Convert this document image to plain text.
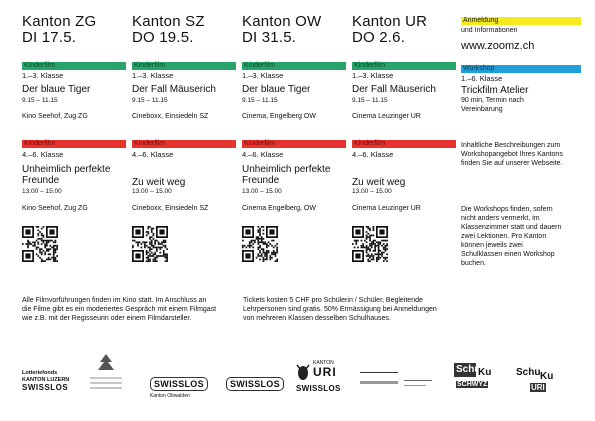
Kanton ZG
DI 17.5.
Kinderfilm
1.–3. Klasse
Der blaue Tiger
9.15 – 11.15
Kino Seehof, Zug ZG
Kinderfilm
4.–6. Klasse
Unheimlich perfekte Freunde
13.00 – 15.00
Kino Seehof, Zug ZG
Kanton SZ
DO 19.5.
Kinderfilm
1.–3. Klasse
Der Fall Mäuserich
9.15 – 11.15
Cineboxx, Einsiedeln SZ
Kinderfilm
4.–6. Klasse
Zu weit weg
13.00 – 15.00
Cineboxx, Einsiedeln SZ
Kanton OW
DI 31.5.
Kinderfilm
1.–3. Klasse
Der blaue Tiger
9.15 – 11.15
Cinema, Engelberg OW
Kinderfilm
4.–6. Klasse
Unheimlich perfekte Freunde
13.00 – 15.00
Cinema Engelberg, OW
Kanton UR
DO 2.6.
Kinderfilm
1.–3. Klasse
Der Fall Mäuserich
9.15 – 11.15
Cinema Leuzinger UR
Kinderfilm
4.–6. Klasse
Zu weit weg
13.00 – 15.00
Cinema Leuzinger UR
Anmeldung
und Informationen
www.zoomz.ch
Workshop
1.–6. Klasse
Trickfilm Atelier
90 min, Termin nach Vereinbarung
Inhaltliche Beschreibungen zum Workshopangebot Ihres Kantons finden Sie auf unserer Webseite.
Die Workshops finden, sofern nicht anders vermerkt, im Klassenzimmer statt und dauern zwei Lektionen. Pro Kanton können jeweils zwei Schulklassen einen Workshop buchen.
Alle Filmvorführungen finden im Kino statt. Im Anschluss an die Filme gibt es ein moderiertes Gespräch mit einem Filmgast wie z.B. mit der Regisseurin oder einem Filmdarsteller.
Tickets kosten 5 CHF pro Schülerin / Schüler, Begleitende Lehrpersonen sind gratis. 50% Ermässigung bei Anmeldungen von mehreren Klassen desselben Schulhauses.
Lotteriefonds
KANTON LUZERN
SWISSLOS	SWISSLOS
Kanton Obwalden
SWISSLOS
KANTON
URI
SWISSLOS
Schu
Ku
SCHWYZ
Schu Ku
URI
